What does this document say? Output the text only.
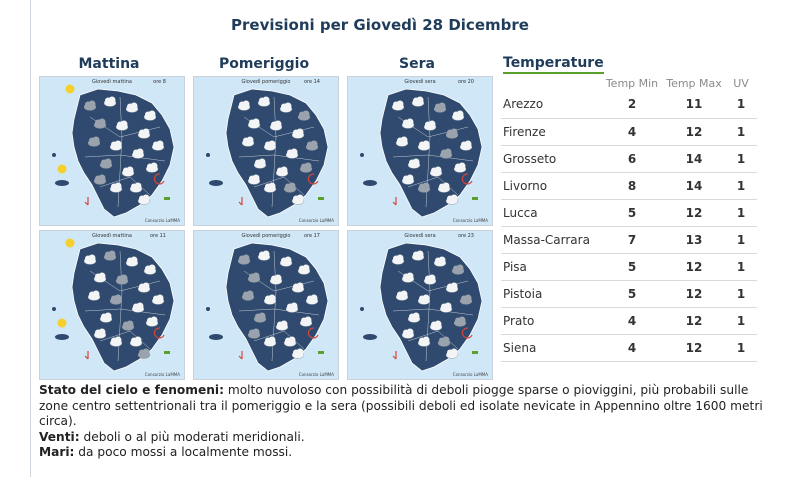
Previsioni per Giovedì 28 Dicembre
Mattina	Pomeriggio	Sera
Giovedì mattina	ore 8
Consorzio LaMMA
Giovedì pomeriggio	ore 14
Consorzio LaMMA
Giovedì sera	ore 20
Consorzio LaMMA
Giovedì mattina	ore 11
Consorzio LaMMA
Giovedì pomeriggio	ore 17
Consorzio LaMMA
Giovedì sera	ore 23
Consorzio LaMMA
Temperature
	Temp Min	Temp Max	UV
Arezzo	2	11	1
Firenze	4	12	1
Grosseto	6	14	1
Livorno	8	14	1
Lucca	5	12	1
Massa-Carrara	7	13	1
Pisa	5	12	1
Pistoia	5	12	1
Prato	4	12	1
Siena	4	12	1
Stato del cielo e fenomeni: molto nuvoloso con possibilità di deboli piogge sparse o pioviggini, più probabili sulle zone centro settentrionali tra il pomeriggio e la sera (possibili deboli ed isolate nevicate in Appennino oltre 1600 metri circa).
Venti: deboli o al più moderati meridionali.
Mari: da poco mossi a localmente mossi.
